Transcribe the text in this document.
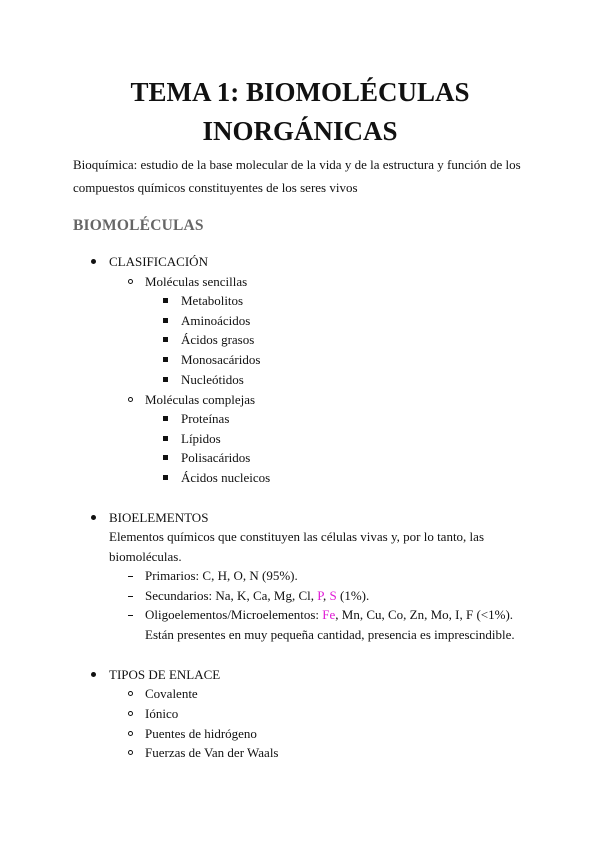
TEMA 1: BIOMOLÉCULAS
INORGÁNICAS
Bioquímica: estudio de la base molecular de la vida y de la estructura y función de los
compuestos químicos constituyentes de los seres vivos
BIOMOLÉCULAS
CLASIFICACIÓN
Moléculas sencillas
Metabolitos
Aminoácidos
Ácidos grasos
Monosacáridos
Nucleótidos
Moléculas complejas
Proteínas
Lípidos
Polisacáridos
Ácidos nucleicos
BIOELEMENTOS
Elementos químicos que constituyen las células vivas y, por lo tanto, las
biomoléculas.
Primarios: C, H, O, N (95%).
Secundarios: Na, K, Ca, Mg, Cl, P, S (1%).
Oligoelementos/Microelementos: Fe, Mn, Cu, Co, Zn, Mo, I, F (<1%).
Están presentes en muy pequeña cantidad, presencia es imprescindible.
TIPOS DE ENLACE
Covalente
Iónico
Puentes de hidrógeno
Fuerzas de Van der Waals
